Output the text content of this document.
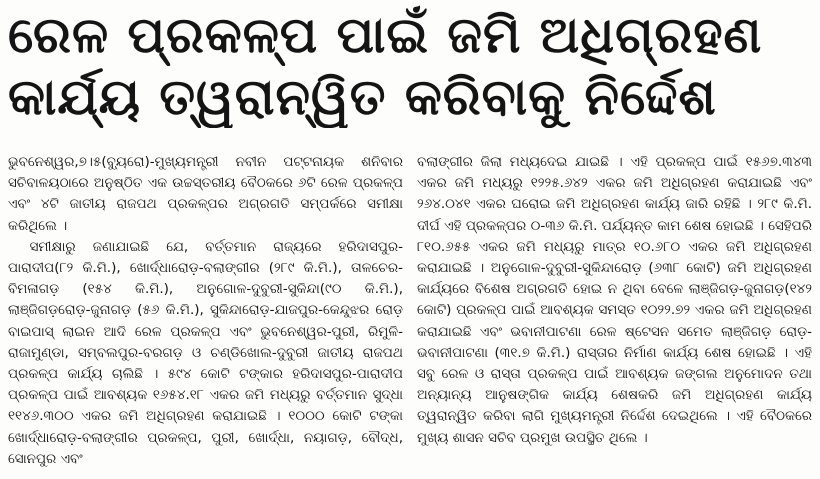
ରେଳ ପ୍ରକଳ୍ପ ପାଇଁ ଜମି ଅଧିଗ୍ରହଣ
କାର୍ଯ୍ୟ ତ୍ୱରାନ୍ୱିତ କରିବାକୁ ନିର୍ଦ୍ଦେଶ

ଭୁବନେଶ୍ୱର,୭।୫(ବ୍ୟୁରୋ)-ମୁଖ୍ୟମନ୍ତ୍ରୀ ନବୀନ ପଟ୍ଟନାୟକ ଶନିବାର ସଚିବାଳୟଠାରେ ଅନୁଷ୍ଠିତ ଏକ ଉଚ୍ଚସ୍ତରୀୟ ବୈଠକରେ ୬ଟି ରେଳ ପ୍ରକଳ୍ପ ଏବଂ ୪ଟି ଜାତୀୟ ରାଜପଥ ପ୍ରକଳ୍ପର ଅଗ୍ରଗତି ସମ୍ପର୍କରେ ସମୀକ୍ଷା କରିଥିଲେ ।

ସମୀକ୍ଷାରୁ ଜଣାଯାଇଛି ଯେ, ବର୍ତ୍ତମାନ ରାଜ୍ୟରେ ହରିଦାସପୁର-ପାରାଦୀପ(୮୨ କି.ମି.), ଖୋର୍ଦ୍ଧାରୋଡ଼-ବଲାଙ୍ଗୀର (୨୮୯ କି.ମି.), ତାଳଚେର-ବିମଳାଗଡ଼ (୧୫୪ କି.ମି.), ଅନୁଗୋଳ-ଦୁବୁରୀ-ସୁକିନ୍ଦା(୯୦ କି.ମି.), ଲାଞ୍ଜିଗଡ଼ରୋଡ଼-ଜୁନାଗଡ଼ (୫୬ କି.ମି.), ସୁକିନ୍ଦାରୋଡ଼-ଯାଜପୁର-କେନ୍ଦୁଝର ରୋଡ଼ ବାଇପାସ୍ ଲାଇନ ଆଦି ରେଳ ପ୍ରକଳ୍ପ ଏବଂ ଭୁବନେଶ୍ୱର-ପୁରୀ, ରିମୁଳି-ରାଜାମୁଣ୍ଡା, ସମ୍ବଲପୁର-ବରଗଡ଼ ଓ ଚଣ୍ଡିଖୋଲ-ଦୁବୁରୀ ଜାତୀୟ ରାଜପଥ ପ୍ରକଳ୍ପ କାର୍ଯ୍ୟ ଚାଲିଛି । ୫୯୪ କୋଟି ଟଙ୍କାର ହରିଦାସପୁର-ପାରାଦୀପ ପ୍ରକଳ୍ପ ପାଇଁ ଆବଶ୍ୟକ ୧୬୫୪.୧୮ ଏକର ଜମି ମଧ୍ୟରୁ ବର୍ତ୍ତମାନ ସୁଦ୍ଧା ୧୧୪୬.୩୦୦ ଏକର ଜମି ଅଧିଗ୍ରହଣ କରାଯାଇଛି । ୧୦୦୦ କୋଟି ଟଙ୍କା ଖୋର୍ଦ୍ଧାରୋଡ଼-ବଲାଙ୍ଗୀର ପ୍ରକଳ୍ପ, ପୁରୀ, ଖୋର୍ଦ୍ଧା, ନୟାଗଡ଼, ବୌଦ୍ଧ, ସୋନପୁର ଏବଂ

ବଲାଙ୍ଗୀର ଜିଲା ମଧ୍ୟଦେଇ ଯାଇଛି । ଏହି ପ୍ରକଳ୍ପ ପାଇଁ ୧୫୬୭.୩୪୩ ଏକର ଜମି ମଧ୍ୟରୁ ୧୨୨୫.୬୪୨ ଏକର ଜମି ଅଧିଗ୍ରହଣ କରାଯାଇଛି ଏବଂ ୨୬୪.୦୪୧ ଏକର ଘରୋଇ ଜମି ଅଧିଗ୍ରହଣ କାର୍ଯ୍ୟ ଜାରି ରହିଛି । ୨୮୯ କି.ମି. ଦୀର୍ଘ ଏହି ପ୍ରକଳ୍ପର ୦-୩୬ କି.ମି. ପର୍ଯ୍ୟନ୍ତ କାମ ଶେଷ ହୋଇଛି । ସେହିପରି ୮୧୦.୬୫୫ ଏକର ଜମି ମଧ୍ୟରୁ ମାତ୍ର ୧୦.୬୮୦ ଏକର ଜମି ଅଧିଗ୍ରହଣ କରାଯାଇଛି । ଅନୁଗୋଳ-ଦୁବୁରୀ-ସୁକିନ୍ଦାରୋଡ଼ (୬୩୮ କୋଟି) ଜମି ଅଧିଗ୍ରହଣ କାର୍ଯ୍ୟରେ ବିଶେଷ ଅଗ୍ରଗତି ହୋଇ ନ ଥିବା ବେଳେ ଲାଞ୍ଜିଗଡ଼-ଜୁନାଗଡ଼(୧୪୨ କୋଟି) ପ୍ରକଳ୍ପ ପାଇଁ ଆବଶ୍ୟକ ସମସ୍ତ ୧୦୨୨.୭୨ ଏକର ଜମି ଅଧିଗ୍ରହଣ କରାଯାଇଛି ଏବଂ ଭବାନୀପାଟଣା ରେଳ ଷ୍ଟେସନ ସମେତ ଲାଞ୍ଜିଗଡ଼ ରୋଡ଼-ଭବାନୀପାଟଣା (୩୧.୭ କି.ମି.) ରାସ୍ତାର ନିର୍ମାଣ କାର୍ଯ୍ୟ ଶେଷ ହୋଇଛି । ଏହି ସବୁ ରେଳ ଓ ରାସ୍ତା ପ୍ରକଳ୍ପ ପାଇଁ ଆବଶ୍ୟକ ଜଙ୍ଗଲ ଅନୁମୋଦନ ତଥା ଅନ୍ୟାନ୍ୟ ଆନୁଷଙ୍ଗିକ କାର୍ଯ୍ୟ ଶେଷକରି ଜମି ଅଧିଗ୍ରହଣ କାର୍ଯ୍ୟ ତ୍ୱରାନ୍ୱିତ କରିବା ଲାଗି ମୁଖ୍ୟମନ୍ତ୍ରୀ ନିର୍ଦ୍ଦେଶ ଦେଇଥିଲେ । ଏହି ବୈଠକରେ ମୁଖ୍ୟ ଶାସନ ସଚିବ ପ୍ରମୁଖ ଉପସ୍ଥିତ ଥିଲେ ।
